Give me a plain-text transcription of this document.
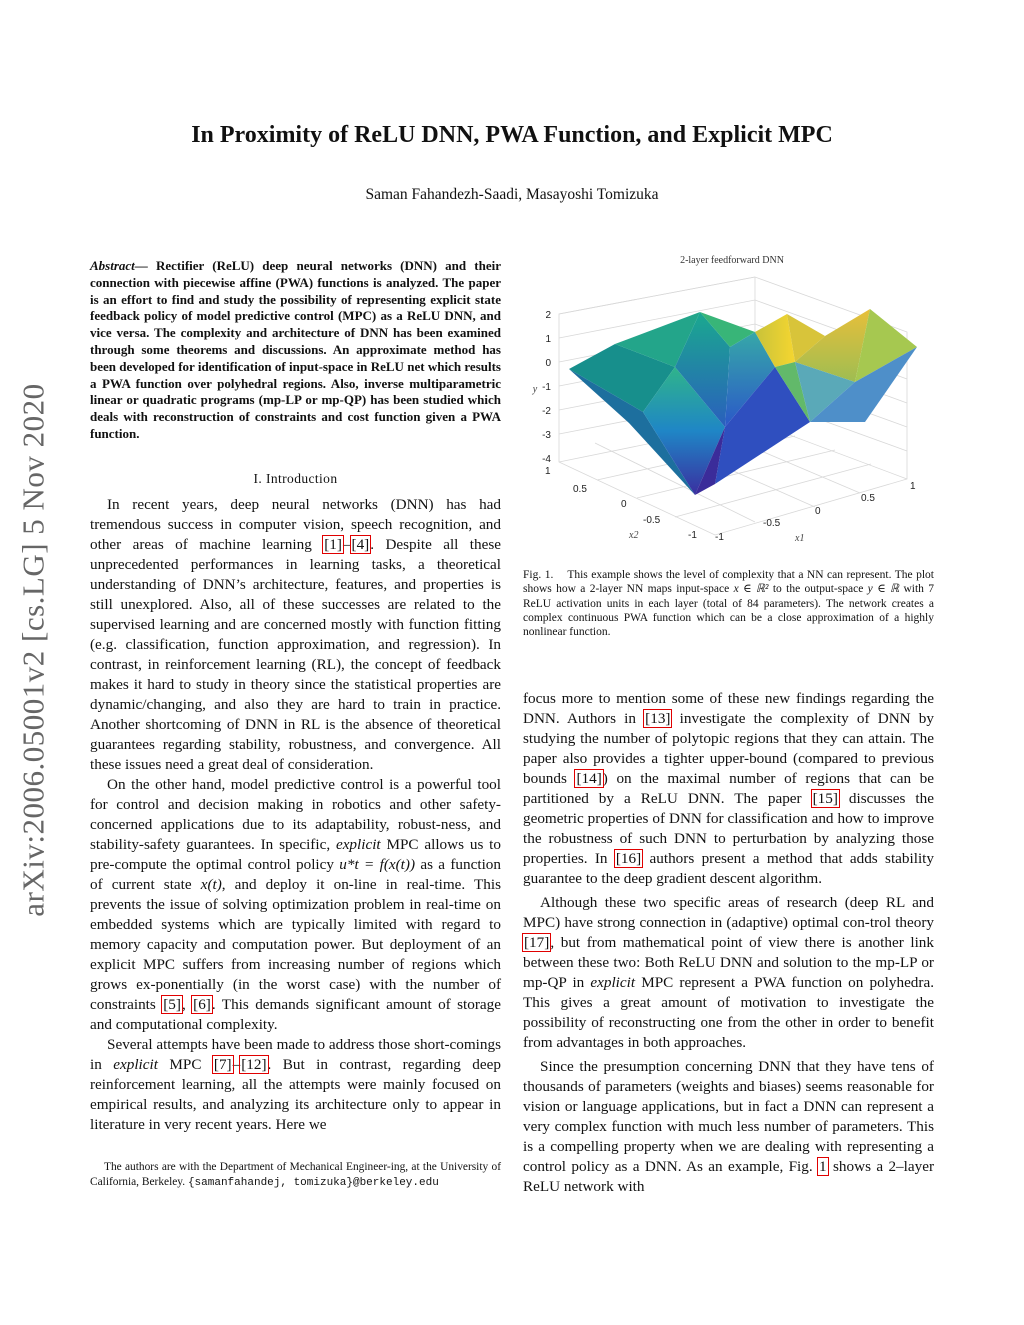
arXiv:2006.05001v2 [cs.LG] 5 Nov 2020
In Proximity of ReLU DNN, PWA Function, and Explicit MPC
Saman Fahandezh-Saadi, Masayoshi Tomizuka
Abstract— Rectifier (ReLU) deep neural networks (DNN) and their connection with piecewise affine (PWA) functions is analyzed. The paper is an effort to find and study the possibility of representing explicit state feedback policy of model predictive control (MPC) as a ReLU DNN, and vice versa. The complexity and architecture of DNN has been examined through some theorems and discussions. An approximate method has been developed for identification of input-space in ReLU net which results a PWA function over polyhedral regions. Also, inverse multiparametric linear or quadratic programs (mp-LP or mp-QP) has been studied which deals with reconstruction of constraints and cost function given a PWA function.
I. Introduction

In recent years, deep neural networks (DNN) has had tremendous success in computer vision, speech recognition, and other areas of machine learning [1]–[4]. Despite all these unprecedented performances in learning tasks, a theoretical understanding of DNN’s architecture, features, and properties is still unexplored. Also, all of these successes are related to the supervised learning and are concerned mostly with function fitting (e.g. classification, function approximation, and regression). In contrast, in reinforcement learning (RL), the concept of feedback makes it hard to study in theory since the statistical properties are dynamic/changing, and also they are hard to train in practice. Another shortcoming of DNN in RL is the absence of theoretical guarantees regarding stability, robustness, and convergence. All these issues need a great deal of consideration.

On the other hand, model predictive control is a powerful tool for control and decision making in robotics and other safety-concerned applications due to its adaptability, robust-ness, and stability-safety guarantees. In specific, explicit MPC allows us to pre-compute the optimal control policy u*t = f(x(t)) as a function of current state x(t), and deploy it on-line in real-time. This prevents the issue of solving optimization problem in real-time on embedded systems which are typically limited with regard to memory capacity and computation power. But deployment of an explicit MPC suffers from increasing number of regions which grows ex-ponentially (in the worst case) with the number of constraints [5], [6]. This demands significant amount of storage and computational complexity.

Several attempts have been made to address those short-comings in explicit MPC [7]–[12]. But in contrast, regarding deep reinforcement learning, all the attempts were mainly focused on empirical results, and analyzing its architecture only to appear in literature in very recent years. Here we

The authors are with the Department of Mechanical Engineer-ing, at the University of California, Berkeley. {samanfahandej, tomizuka}@berkeley.edu
2-layer feedforward DNN
2
1
0
-1
-2
-3
-4
y
1
0.5
0
-0.5
-1
x2	-1
-0.5
0
0.5
1
x1
Fig. 1. This example shows the level of complexity that a NN can represent. The plot shows how a 2-layer NN maps input-space x ∈ ℝ² to the output-space y ∈ ℝ with 7 ReLU activation units in each layer (total of 84 parameters). The network creates a complex continuous PWA function which can be a close approximation of a highly nonlinear function.

focus more to mention some of these new findings regarding the DNN. Authors in [13] investigate the complexity of DNN by studying the number of polytopic regions that they can attain. The paper also provides a tighter upper-bound (compared to previous bounds [14]) on the maximal number of regions that can be partitioned by a ReLU DNN. The paper [15] discusses the geometric properties of DNN for classification and how to improve the robustness of such DNN to perturbation by analyzing those properties. In [16] authors present a method that adds stability guarantee to the deep gradient descent algorithm.

Although these two specific areas of research (deep RL and MPC) have strong connection in (adaptive) optimal con-trol theory [17], but from mathematical point of view there is another link between these two: Both ReLU DNN and solution to the mp-LP or mp-QP in explicit MPC represent a PWA function on polyhedra. This gives a great amount of motivation to investigate the possibility of reconstructing one from the other in order to benefit from advantages in both approaches.

Since the presumption concerning DNN that they have tens of thousands of parameters (weights and biases) seems reasonable for vision or language applications, but in fact a DNN can represent a very complex function with much less number of parameters. This is a compelling property when we are dealing with representing a control policy as a DNN. As an example, Fig. 1 shows a 2–layer ReLU network with
